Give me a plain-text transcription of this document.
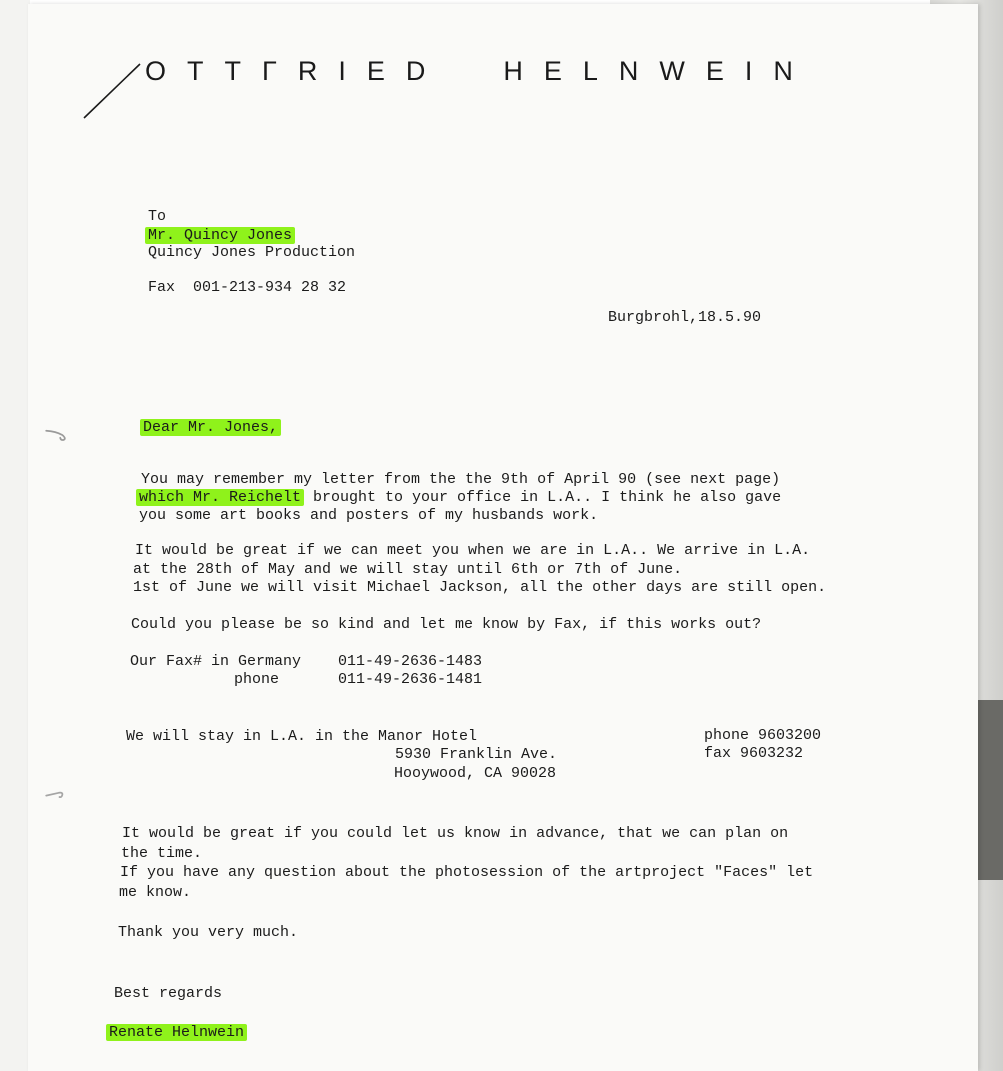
OTTΓRIED  HELNWEIN
To
Mr. Quincy Jones
Quincy Jones Production
Fax  001-213-934 28 32
Burgbrohl,18.5.90
Dear Mr. Jones,
You may remember my letter from the the 9th of April 90 (see next page)
which Mr. Reichelt brought to your office in L.A.. I think he also gave
you some art books and posters of my husbands work.
It would be great if we can meet you when we are in L.A.. We arrive in L.A.
at the 28th of May and we will stay until 6th or 7th of June.
1st of June we will visit Michael Jackson, all the other days are still open.
Could you please be so kind and let me know by Fax, if this works out?
Our Fax# in Germany 011-49-2636-1483
phone	011-49-2636-1481
We will stay in L.A. in the Manor Hotel
5930 Franklin Ave.
Hooywood, CA 90028
phone 9603200
fax 9603232
It would be great if you could let us know in advance, that we can plan on
the time.
If you have any question about the photosession of the artproject "Faces" let
me know.
Thank you very much.
Best regards
Renate Helnwein
